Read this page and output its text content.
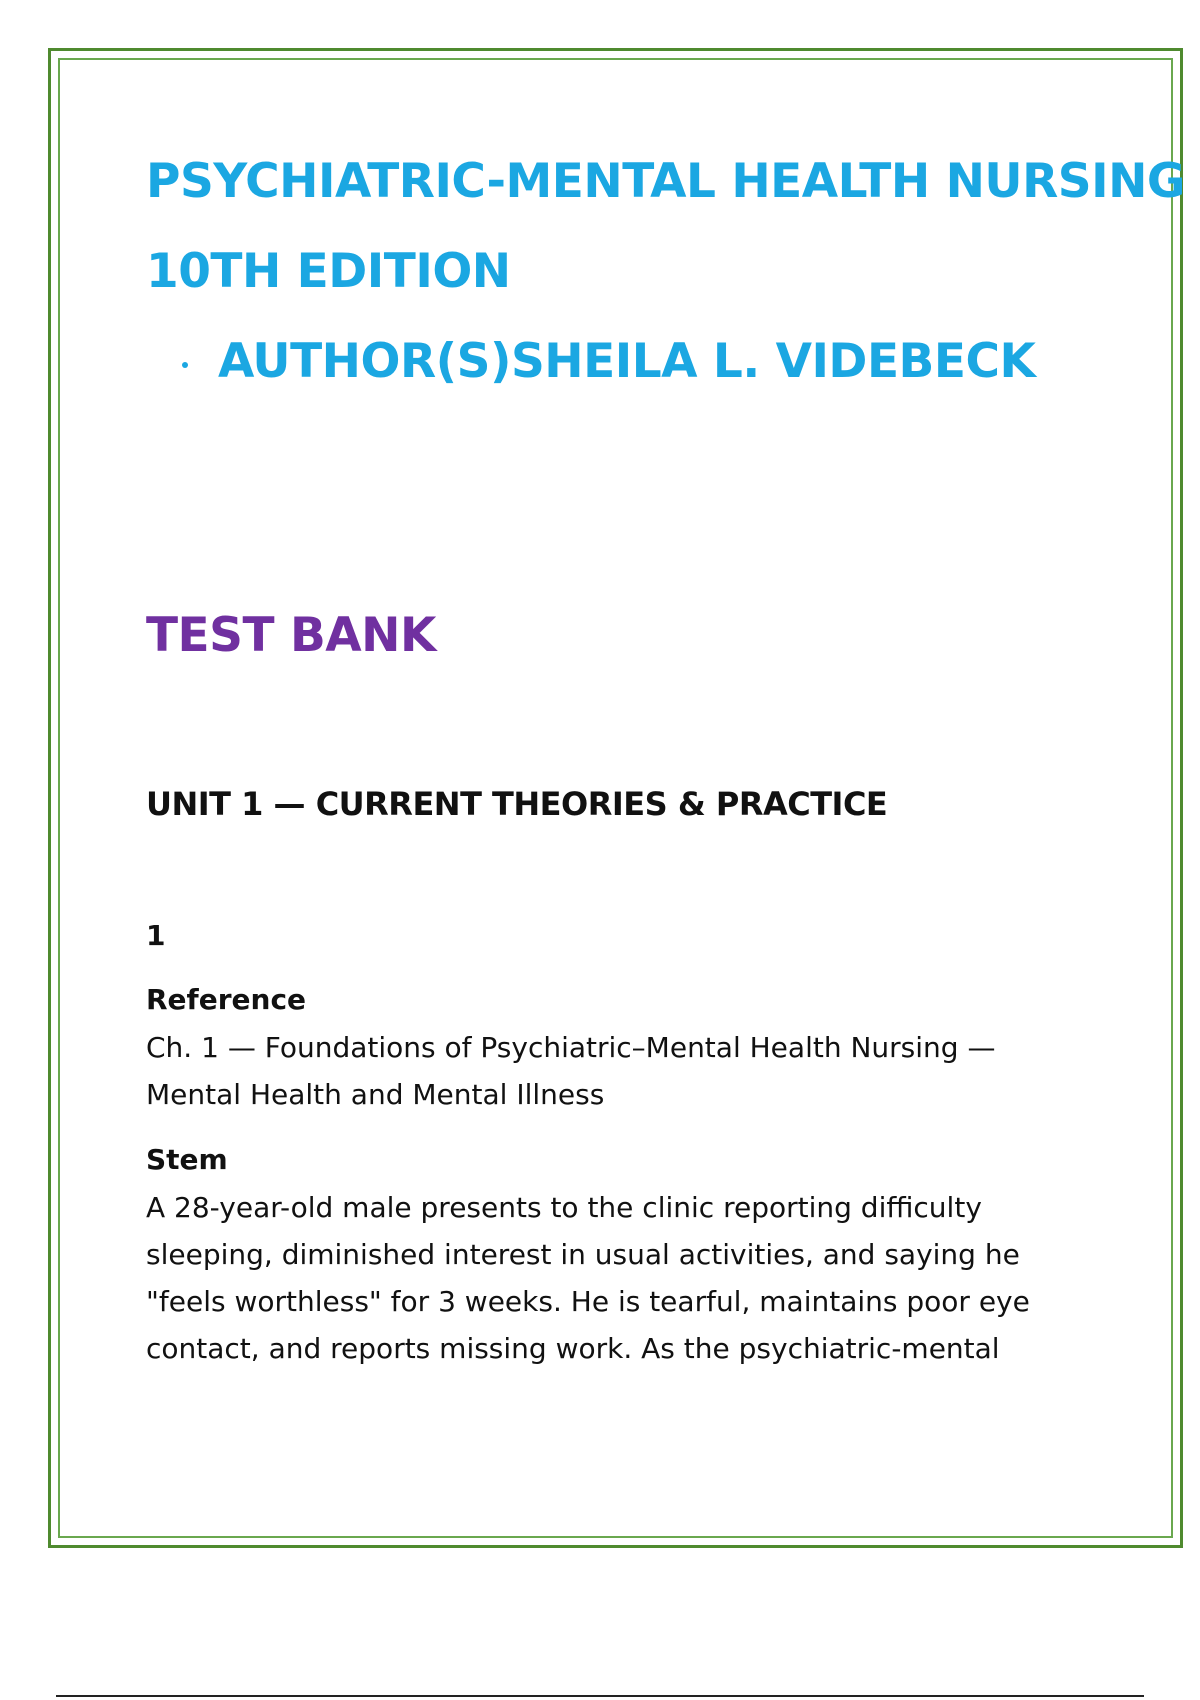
PSYCHIATRIC-MENTAL HEALTH NURSING
10TH EDITION
AUTHOR(S)SHEILA L. VIDEBECK
TEST BANK
UNIT 1 — CURRENT THEORIES & PRACTICE
1
Reference
Ch. 1 — Foundations of Psychiatric–Mental Health Nursing —
Mental Health and Mental Illness
Stem
A 28-year-old male presents to the clinic reporting difficulty
sleeping, diminished interest in usual activities, and saying he
"feels worthless" for 3 weeks. He is tearful, maintains poor eye
contact, and reports missing work. As the psychiatric-mental
